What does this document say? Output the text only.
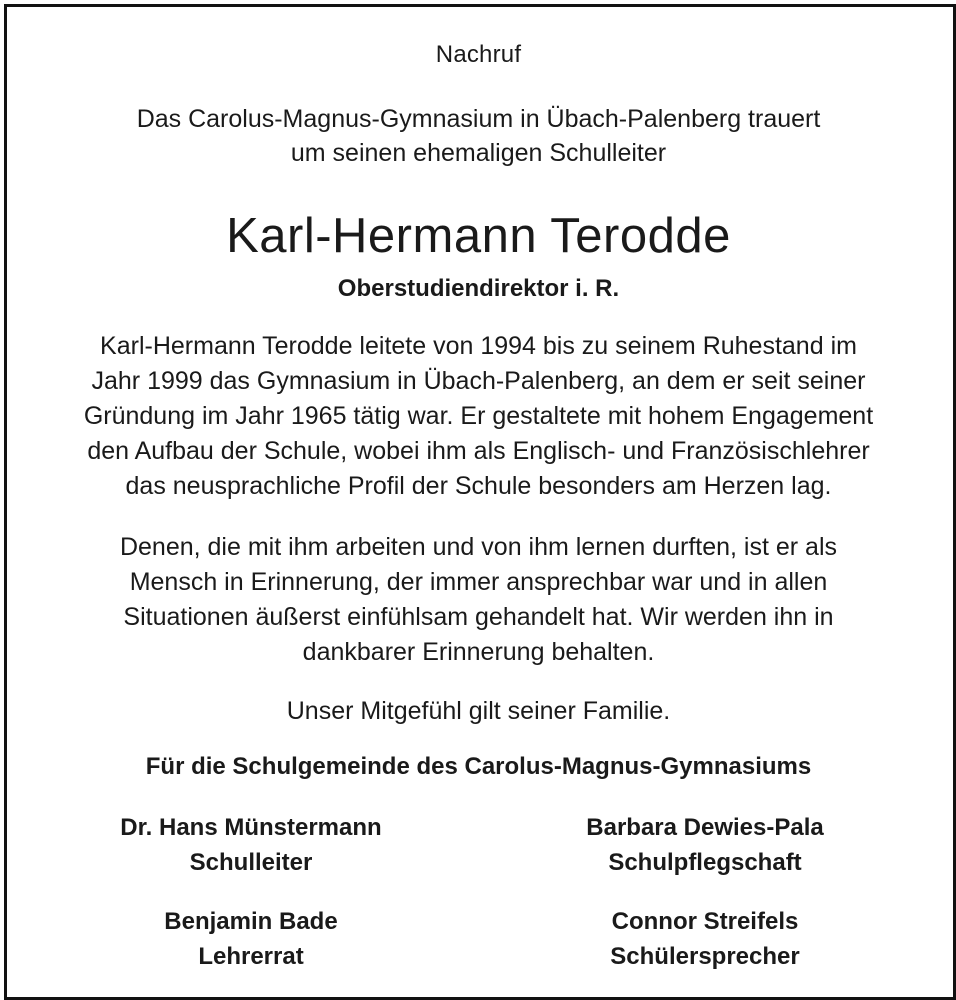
Nachruf
Das Carolus-Magnus-Gymnasium in Übach-Palenberg trauert
um seinen ehemaligen Schulleiter
Karl-Hermann Terodde
Oberstudiendirektor i. R.
Karl-Hermann Terodde leitete von 1994 bis zu seinem Ruhestand im
Jahr 1999 das Gymnasium in Übach-Palenberg, an dem er seit seiner
Gründung im Jahr 1965 tätig war. Er gestaltete mit hohem Engagement
den Aufbau der Schule, wobei ihm als Englisch- und Französischlehrer
das neusprachliche Profil der Schule besonders am Herzen lag.
Denen, die mit ihm arbeiten und von ihm lernen durften, ist er als
Mensch in Erinnerung, der immer ansprechbar war und in allen
Situationen äußerst einfühlsam gehandelt hat. Wir werden ihn in
dankbarer Erinnerung behalten.
Unser Mitgefühl gilt seiner Familie.
Für die Schulgemeinde des Carolus-Magnus-Gymnasiums
Dr. Hans Münstermann
Schulleiter
Barbara Dewies-Pala
Schulpflegschaft
Benjamin Bade
Lehrerrat
Connor Streifels
Schülersprecher
